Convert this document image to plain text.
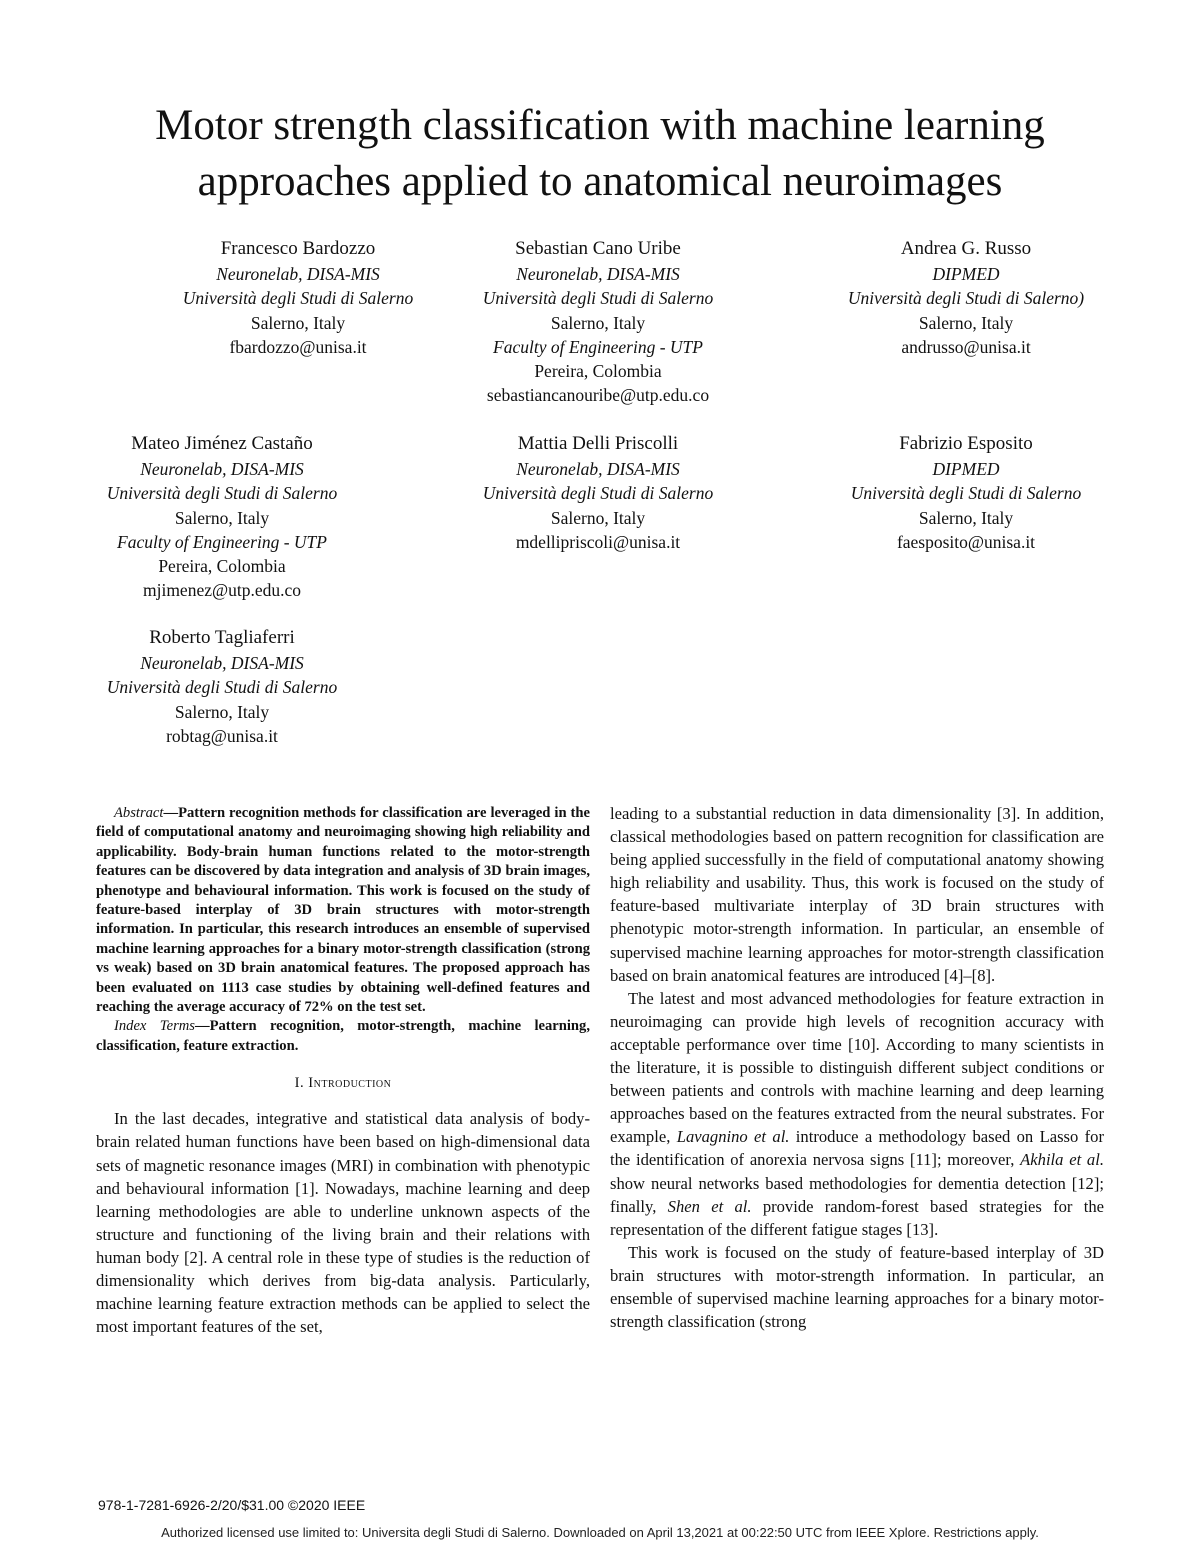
Motor strength classification with machine learning
approaches applied to anatomical neuroimages
Francesco Bardozzo
Neuronelab, DISA-MIS
Università degli Studi di Salerno
Salerno, Italy
fbardozzo@unisa.it
Sebastian Cano Uribe
Neuronelab, DISA-MIS
Università degli Studi di Salerno
Salerno, Italy
Faculty of Engineering - UTP
Pereira, Colombia
sebastiancanouribe@utp.edu.co
Andrea G. Russo
DIPMED
Università degli Studi di Salerno)
Salerno, Italy
andrusso@unisa.it
Mateo Jiménez Castaño
Neuronelab, DISA-MIS
Università degli Studi di Salerno
Salerno, Italy
Faculty of Engineering - UTP
Pereira, Colombia
mjimenez@utp.edu.co
Mattia Delli Priscolli
Neuronelab, DISA-MIS
Università degli Studi di Salerno
Salerno, Italy
mdellipriscoli@unisa.it
Fabrizio Esposito
DIPMED
Università degli Studi di Salerno
Salerno, Italy
faesposito@unisa.it
Roberto Tagliaferri
Neuronelab, DISA-MIS
Università degli Studi di Salerno
Salerno, Italy
robtag@unisa.it

Abstract—Pattern recognition methods for classification are leveraged in the field of computational anatomy and neuroimaging showing high reliability and applicability. Body-brain human functions related to the motor-strength features can be discovered by data integration and analysis of 3D brain images, phenotype and behavioural information. This work is focused on the study of feature-based interplay of 3D brain structures with motor-strength information. In particular, this research introduces an ensemble of supervised machine learning approaches for a binary motor-strength classification (strong vs weak) based on 3D brain anatomical features. The proposed approach has been evaluated on 1113 case studies by obtaining well-defined features and reaching the average accuracy of 72% on the test set.

Index Terms—Pattern recognition, motor-strength, machine learning, classification, feature extraction.

I. Introduction

In the last decades, integrative and statistical data analysis of body-brain related human functions have been based on high-dimensional data sets of magnetic resonance images (MRI) in combination with phenotypic and behavioural information [1]. Nowadays, machine learning and deep learning methodologies are able to underline unknown aspects of the structure and functioning of the living brain and their relations with human body [2]. A central role in these type of studies is the reduction of dimensionality which derives from big-data analysis. Particularly, machine learning feature extraction methods can be applied to select the most important features of the set,

leading to a substantial reduction in data dimensionality [3]. In addition, classical methodologies based on pattern recognition for classification are being applied successfully in the field of computational anatomy showing high reliability and usability. Thus, this work is focused on the study of feature-based multivariate interplay of 3D brain structures with phenotypic motor-strength information. In particular, an ensemble of supervised machine learning approaches for motor-strength classification based on brain anatomical features are introduced [4]–[8].

The latest and most advanced methodologies for feature extraction in neuroimaging can provide high levels of recognition accuracy with acceptable performance over time [10]. According to many scientists in the literature, it is possible to distinguish different subject conditions or between patients and controls with machine learning and deep learning approaches based on the features extracted from the neural substrates. For example, Lavagnino et al. introduce a methodology based on Lasso for the identification of anorexia nervosa signs [11]; moreover, Akhila et al. show neural networks based methodologies for dementia detection [12]; finally, Shen et al. provide random-forest based strategies for the representation of the different fatigue stages [13].

This work is focused on the study of feature-based interplay of 3D brain structures with motor-strength information. In particular, an ensemble of supervised machine learning approaches for a binary motor-strength classification (strong

978-1-7281-6926-2/20/$31.00 ©2020 IEEE
Authorized licensed use limited to: Universita degli Studi di Salerno. Downloaded on April 13,2021 at 00:22:50 UTC from IEEE Xplore. Restrictions apply.
